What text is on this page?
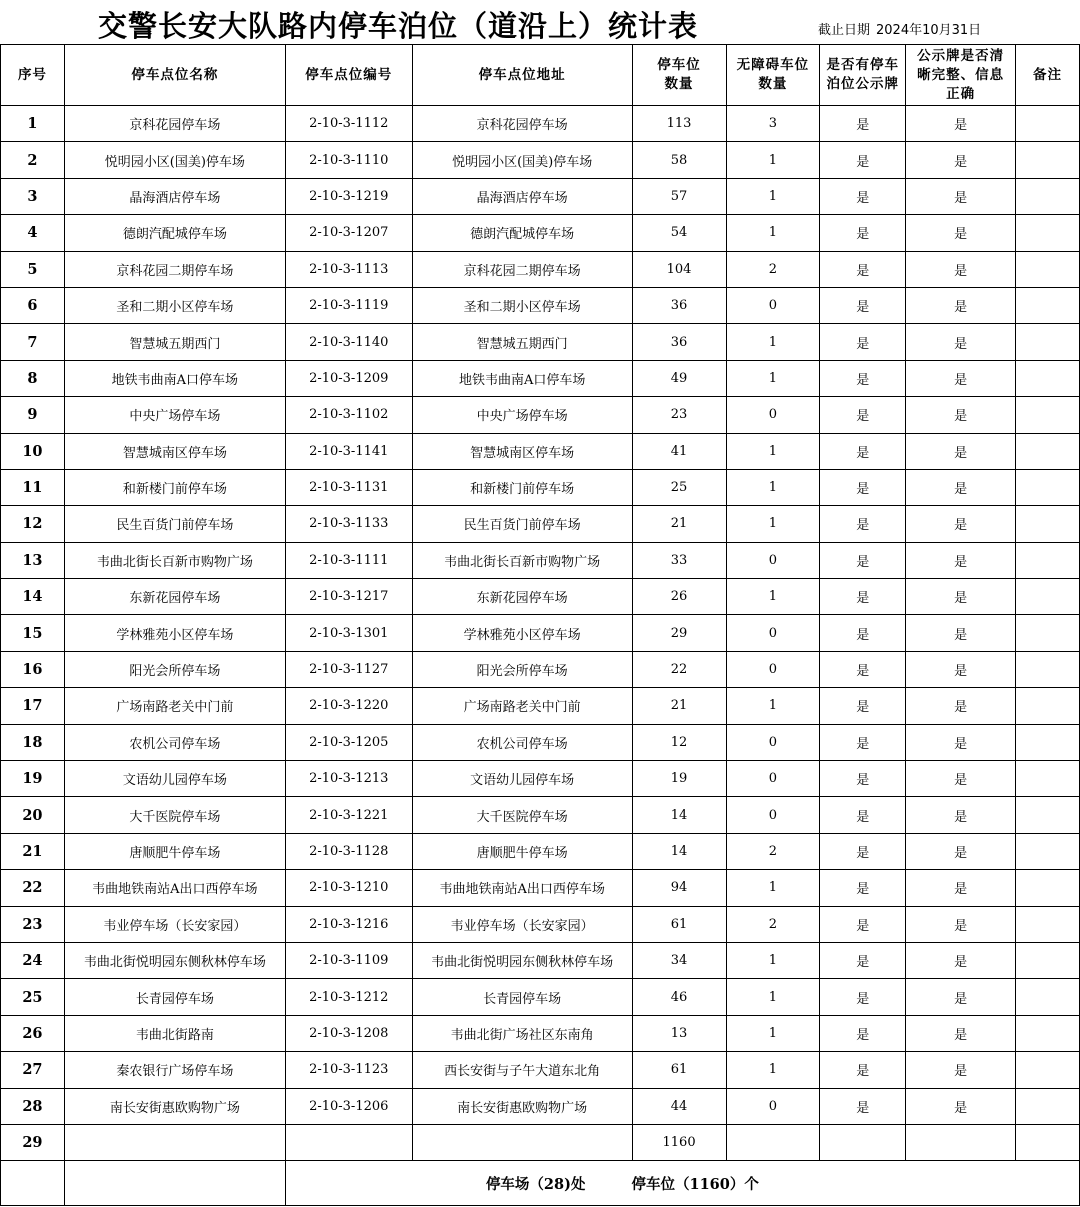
交警长安大队路内停车泊位（道沿上）统计表	截止日期 2024年10月31日
序号	停车点位名称	停车点位编号	停车点位地址	停车位数量	无障碍车位数量	是否有停车泊位公示牌	公示牌是否清晰完整、信息正确	备注
1	京科花园停车场	2-10-3-1112	京科花园停车场	113	3	是	是	
2	悦明园小区(国美)停车场	2-10-3-1110	悦明园小区(国美)停车场	58	1	是	是	
3	晶海酒店停车场	2-10-3-1219	晶海酒店停车场	57	1	是	是	
4	德朗汽配城停车场	2-10-3-1207	德朗汽配城停车场	54	1	是	是	
5	京科花园二期停车场	2-10-3-1113	京科花园二期停车场	104	2	是	是	
6	圣和二期小区停车场	2-10-3-1119	圣和二期小区停车场	36	0	是	是	
7	智慧城五期西门	2-10-3-1140	智慧城五期西门	36	1	是	是	
8	地铁韦曲南A口停车场	2-10-3-1209	地铁韦曲南A口停车场	49	1	是	是	
9	中央广场停车场	2-10-3-1102	中央广场停车场	23	0	是	是	
10	智慧城南区停车场	2-10-3-1141	智慧城南区停车场	41	1	是	是	
11	和新楼门前停车场	2-10-3-1131	和新楼门前停车场	25	1	是	是	
12	民生百货门前停车场	2-10-3-1133	民生百货门前停车场	21	1	是	是	
13	韦曲北街长百新市购物广场	2-10-3-1111	韦曲北街长百新市购物广场	33	0	是	是	
14	东新花园停车场	2-10-3-1217	东新花园停车场	26	1	是	是	
15	学林雅苑小区停车场	2-10-3-1301	学林雅苑小区停车场	29	0	是	是	
16	阳光会所停车场	2-10-3-1127	阳光会所停车场	22	0	是	是	
17	广场南路老关中门前	2-10-3-1220	广场南路老关中门前	21	1	是	是	
18	农机公司停车场	2-10-3-1205	农机公司停车场	12	0	是	是	
19	文语幼儿园停车场	2-10-3-1213	文语幼儿园停车场	19	0	是	是	
20	大千医院停车场	2-10-3-1221	大千医院停车场	14	0	是	是	
21	唐顺肥牛停车场	2-10-3-1128	唐顺肥牛停车场	14	2	是	是	
22	韦曲地铁南站A出口西停车场	2-10-3-1210	韦曲地铁南站A出口西停车场	94	1	是	是	
23	韦业停车场（长安家园）	2-10-3-1216	韦业停车场（长安家园）	61	2	是	是	
24	韦曲北街悦明园东侧秋林停车场	2-10-3-1109	韦曲北街悦明园东侧秋林停车场	34	1	是	是	
25	长青园停车场	2-10-3-1212	长青园停车场	46	1	是	是	
26	韦曲北街路南	2-10-3-1208	韦曲北街广场社区东南角	13	1	是	是	
27	秦农银行广场停车场	2-10-3-1123	西长安街与子午大道东北角	61	1	是	是	
28	南长安街惠欧购物广场	2-10-3-1206	南长安街惠欧购物广场	44	0	是	是	
29				1160				
		停车场（28)处 停车位（1160）个						
